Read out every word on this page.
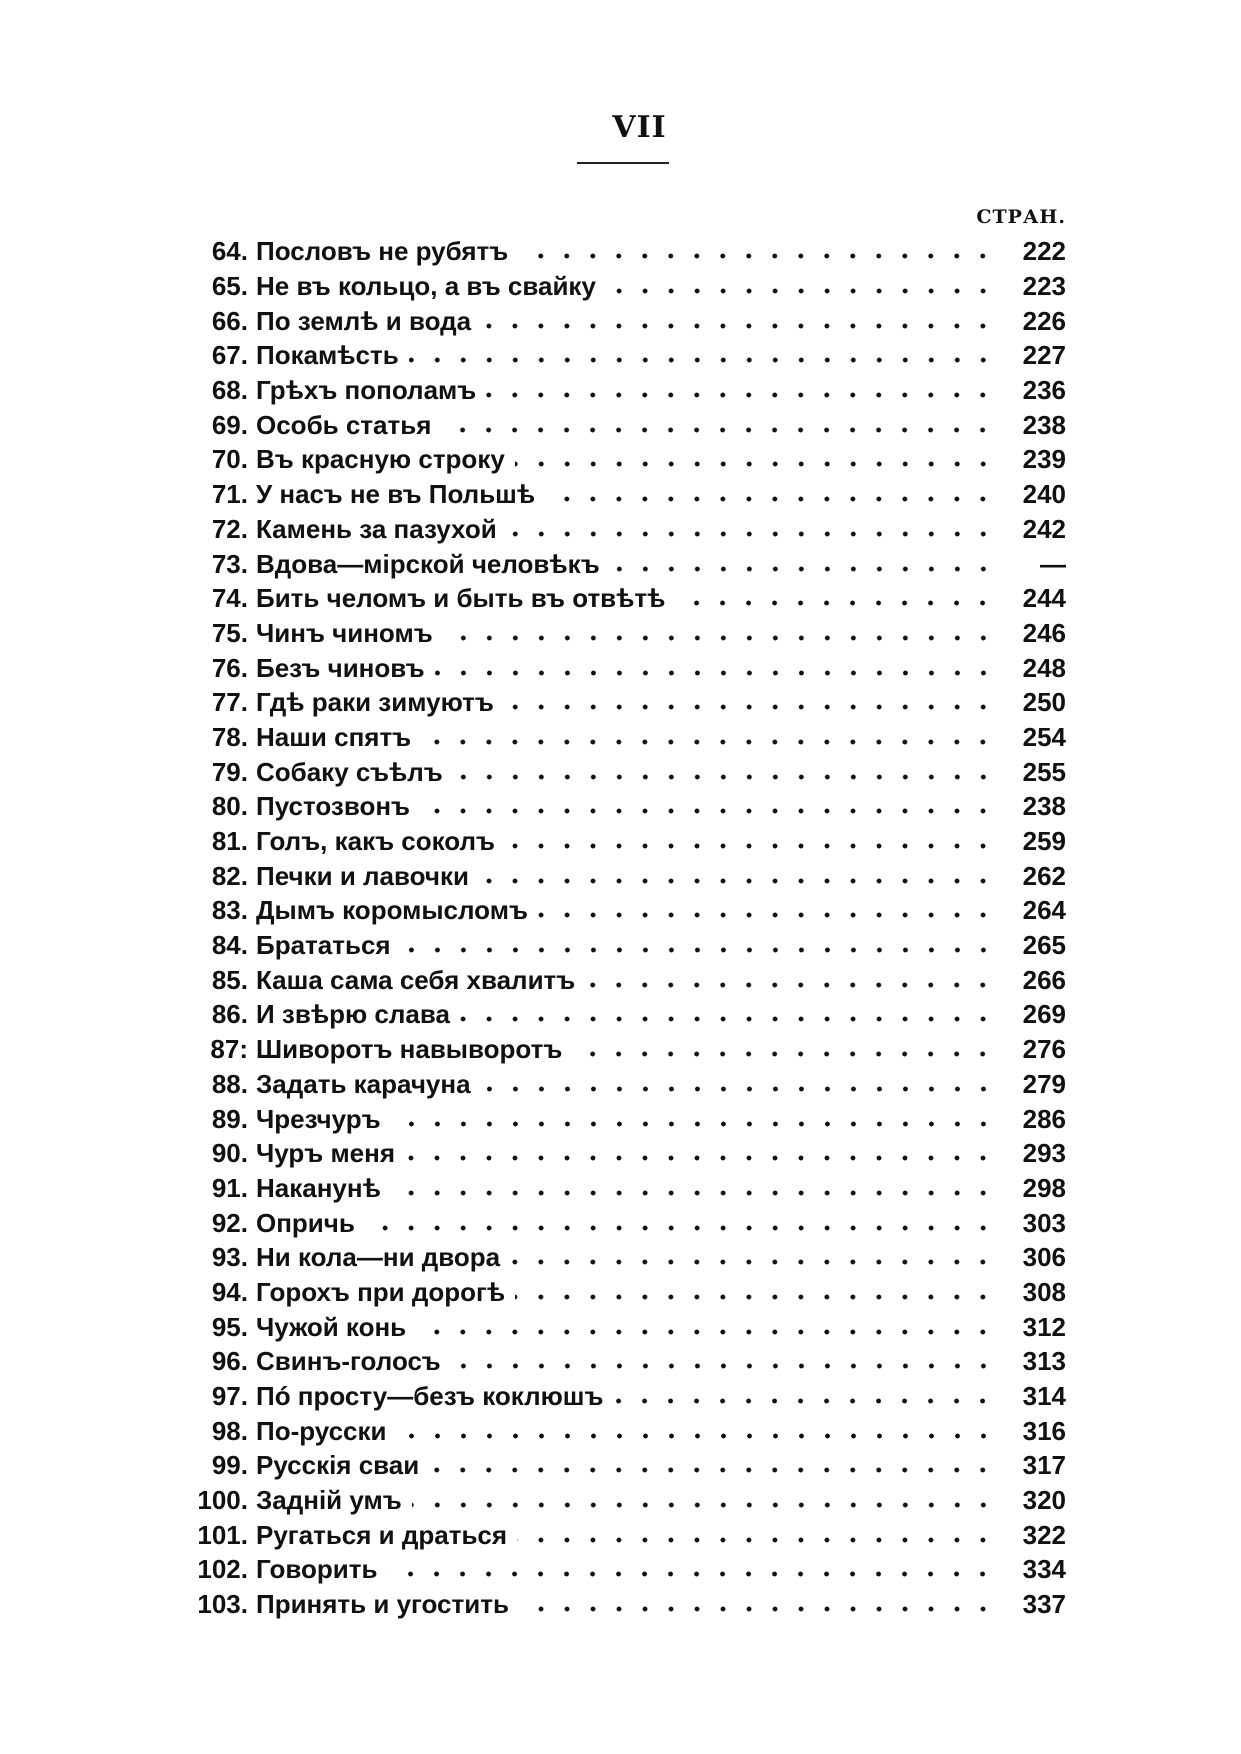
VII
СТРАН.
64. Пословъ не рубятъ	222
65. Не въ кольцо, а въ свайку	223
66. По землѣ и вода	226
67. Покамѣсть	227
68. Грѣхъ пополамъ	236
69. Особь статья	238
70. Въ красную строку	239
71. У насъ не въ Польшѣ	240
72. Камень за пазухой	242
73. Вдова—мірской человѣкъ	—
74. Бить челомъ и быть въ отвѣтѣ	244
75. Чинъ чиномъ	246
76. Безъ чиновъ	248
77. Гдѣ раки зимуютъ	250
78. Наши спятъ	254
79. Собаку съѣлъ	255
80. Пустозвонъ	238
81. Голъ, какъ соколъ	259
82. Печки и лавочки	262
83. Дымъ коромысломъ	264
84. Брататься	265
85. Каша сама себя хвалитъ	266
86. И звѣрю слава	269
87: Шиворотъ навыворотъ	276
88. Задать карачуна	279
89. Чрезчуръ	286
90. Чуръ меня	293
91. Наканунѣ	298
92. Опричь	303
93. Ни кола—ни двора	306
94. Горохъ при дорогѣ	308
95. Чужой конь	312
96. Свинъ-голосъ	313
97. Пó просту—безъ коклюшъ	314
98. По-русски	316
99. Русскія сваи	317
100. Задній умъ	320
101. Ругаться и драться	322
102. Говорить	334
103. Принять и угостить	337
